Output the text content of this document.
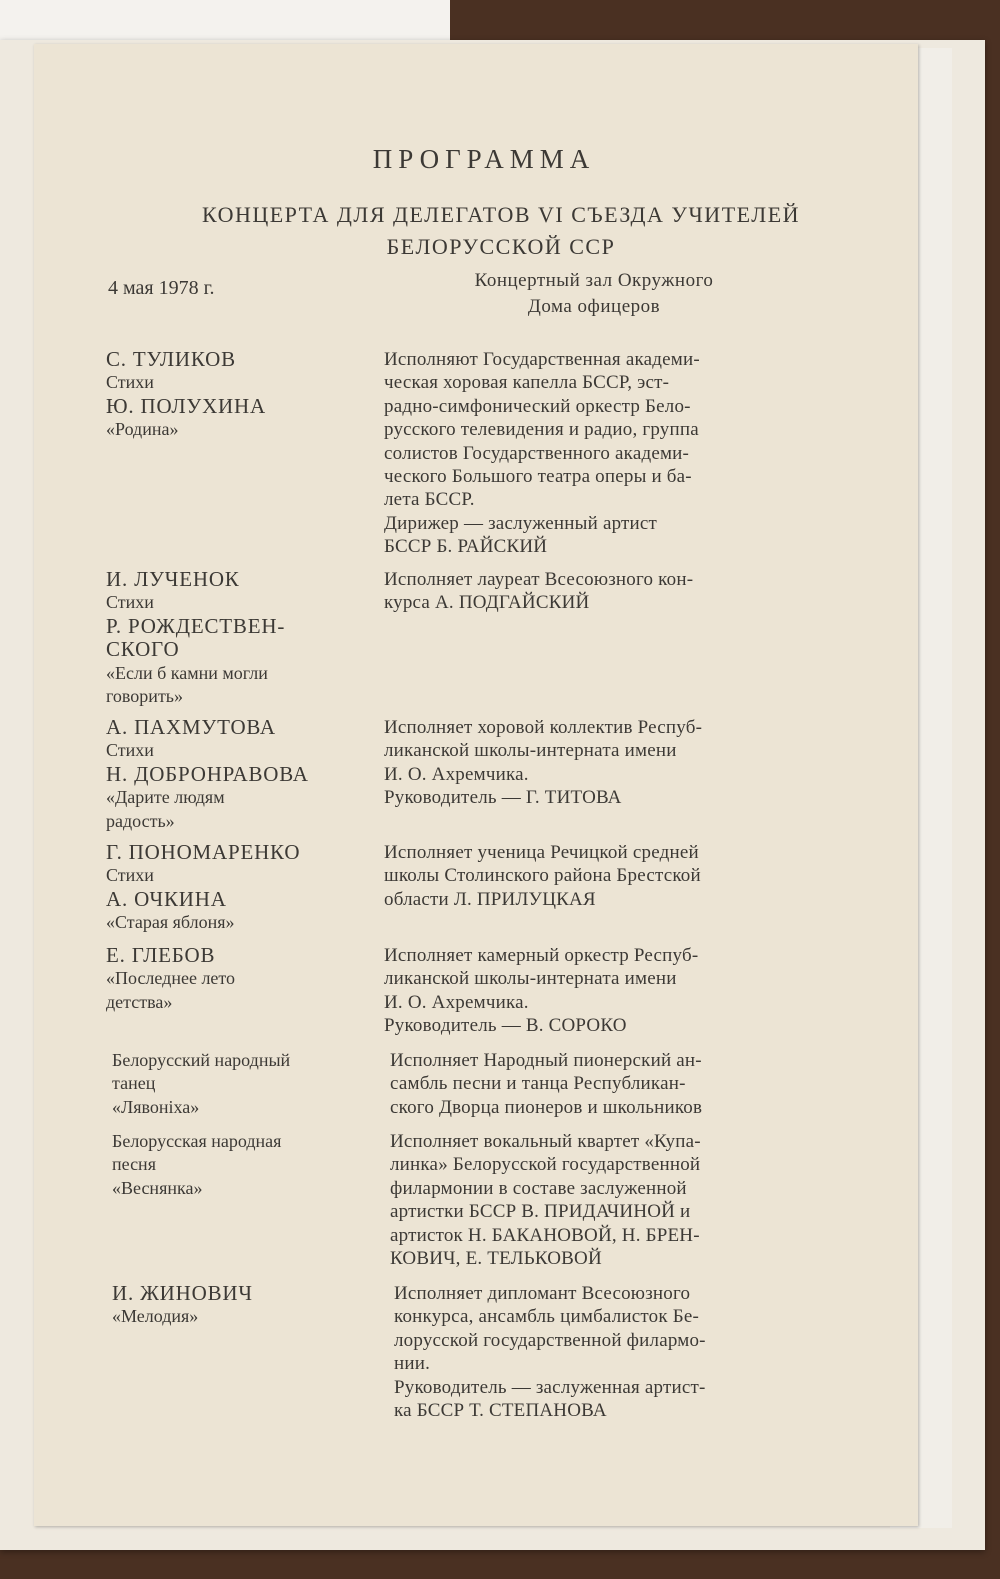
ПРОГРАММА
КОНЦЕРТА ДЛЯ ДЕЛЕГАТОВ VI СЪЕЗДА УЧИТЕЛЕЙ
БЕЛОРУССКОЙ ССР
4 мая 1978 г.	Концертный зал Окружного
Дома офицеров
С. ТУЛИКОВ
Стихи
Ю. ПОЛУХИНА
«Родина»
Исполняют Государственная академи-
ческая хоровая капелла БССР, эст-
радно-симфонический оркестр Бело-
русского телевидения и радио, группа
солистов Государственного академи-
ческого Большого театра оперы и ба-
лета БССР.
Дирижер — заслуженный артист
БССР Б. РАЙСКИЙ
И. ЛУЧЕНОК
Стихи
Р. РОЖДЕСТВЕН-
СКОГО
«Если б камни могли
говорить»
Исполняет лауреат Всесоюзного кон-
курса А. ПОДГАЙСКИЙ
А. ПАХМУТОВА
Стихи
Н. ДОБРОНРАВОВА
«Дарите людям
радость»
Исполняет хоровой коллектив Респуб-
ликанской школы-интерната имени
И. О. Ахремчика.
Руководитель — Г. ТИТОВА
Г. ПОНОМАРЕНКО
Стихи
А. ОЧКИНА
«Старая яблоня»
Исполняет ученица Речицкой средней
школы Столинского района Брестской
области Л. ПРИЛУЦКАЯ
Е. ГЛЕБОВ
«Последнее лето
детства»
Исполняет камерный оркестр Респуб-
ликанской школы-интерната имени
И. О. Ахремчика.
Руководитель — В. СОРОКО
Белорусский народный
танец
«Лявоніха»
Исполняет Народный пионерский ан-
самбль песни и танца Республикан-
ского Дворца пионеров и школьников
Белорусская народная
песня
«Веснянка»
Исполняет вокальный квартет «Купа-
линка» Белорусской государственной
филармонии в составе заслуженной
артистки БССР В. ПРИДАЧИНОЙ и
артисток Н. БАКАНОВОЙ, Н. БРЕН-
КОВИЧ, Е. ТЕЛЬКОВОЙ
И. ЖИНОВИЧ
«Мелодия»
Исполняет дипломант Всесоюзного
конкурса, ансамбль цимбалисток Бе-
лорусской государственной филармо-
нии.
Руководитель — заслуженная артист-
ка БССР Т. СТЕПАНОВА
